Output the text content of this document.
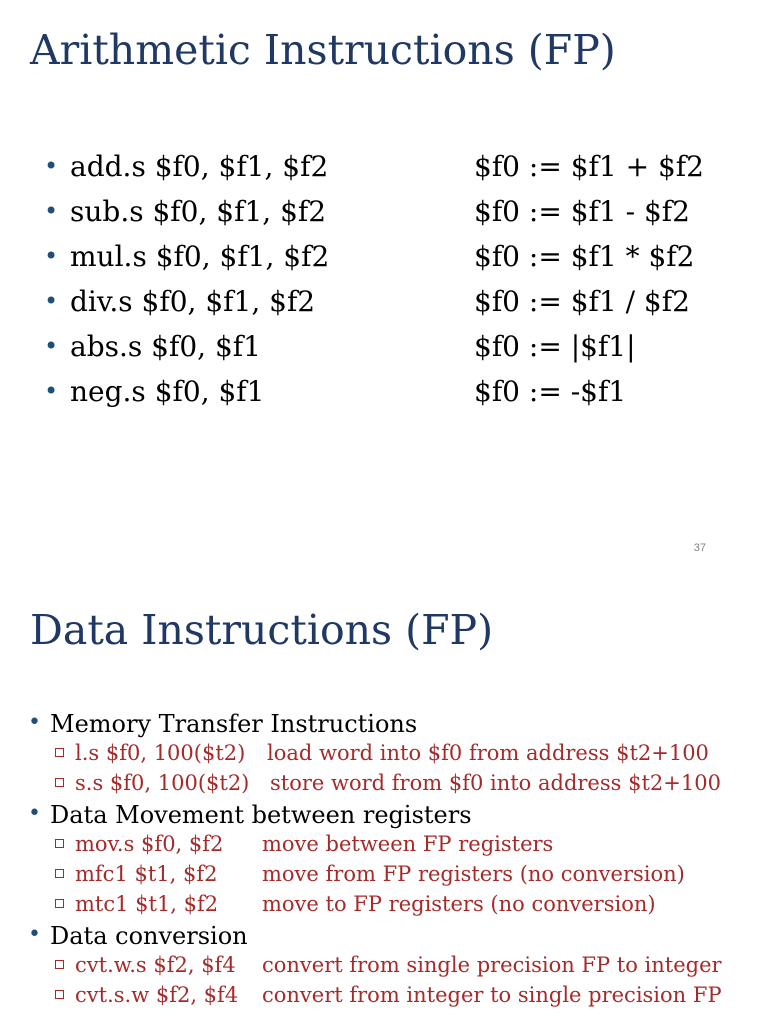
Arithmetic Instructions (FP)
• add.s $f0, $f1, $f2	$f0 := $f1 + $f2
• sub.s $f0, $f1, $f2	$f0 := $f1 - $f2
• mul.s $f0, $f1, $f2	$f0 := $f1 * $f2
• div.s $f0, $f1, $f2	$f0 := $f1 / $f2
• abs.s $f0, $f1	$f0 := |$f1|
• neg.s $f0, $f1	$f0 := -$f1
37
Data Instructions (FP)
• Memory Transfer Instructions
l.s $f0, 100($t2) load word into $f0 from address $t2+100
s.s $f0, 100($t2) store word from $f0 into address $t2+100
• Data Movement between registers
mov.s $f0, $f2 move between FP registers
mfc1 $t1, $f2 move from FP registers (no conversion)
mtc1 $t1, $f2 move to FP registers (no conversion)
• Data conversion
cvt.w.s $f2, $f4 convert from single precision FP to integer
cvt.s.w $f2, $f4 convert from integer to single precision FP
